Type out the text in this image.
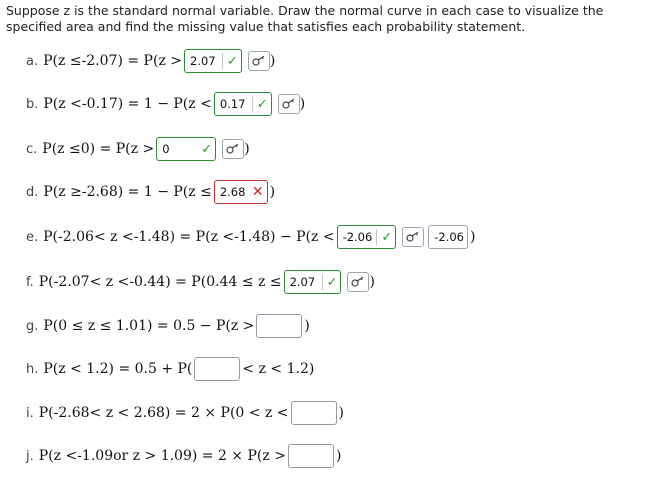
Suppose z is the standard normal variable. Draw the normal curve in each case to visualize the specified area and find the missing value that satisfies each probability statement.
a. P(z ≤ -2.07 ) = P(z > 2.07 ✓ )
b. P(z < -0.17 ) = 1 − P(z < 0.17 ✓ )
c. P(z ≤ 0 ) = P(z > 0	✓ )
d. P(z ≥ -2.68 ) = 1 − P(z ≤ 2.68 ✕ )
e. P( -2.06 < z < -1.48 ) = P(z < -1.48 ) − P(z < -2.06 ✓	-2.06 )
f. P( -2.07 < z < -0.44 ) = P(0.44 ≤ z ≤ 2.07 ✓ )
g. P(0 ≤ z ≤ 1.01) = 0.5 − P(z >	)
h. P(z < 1.2) = 0.5 + P(	< z < 1.2)
i. P( -2.68 < z < 2.68) = 2 × P(0 < z <	)
j. P(z < -1.09 or z > 1.09) = 2 × P(z >	)
